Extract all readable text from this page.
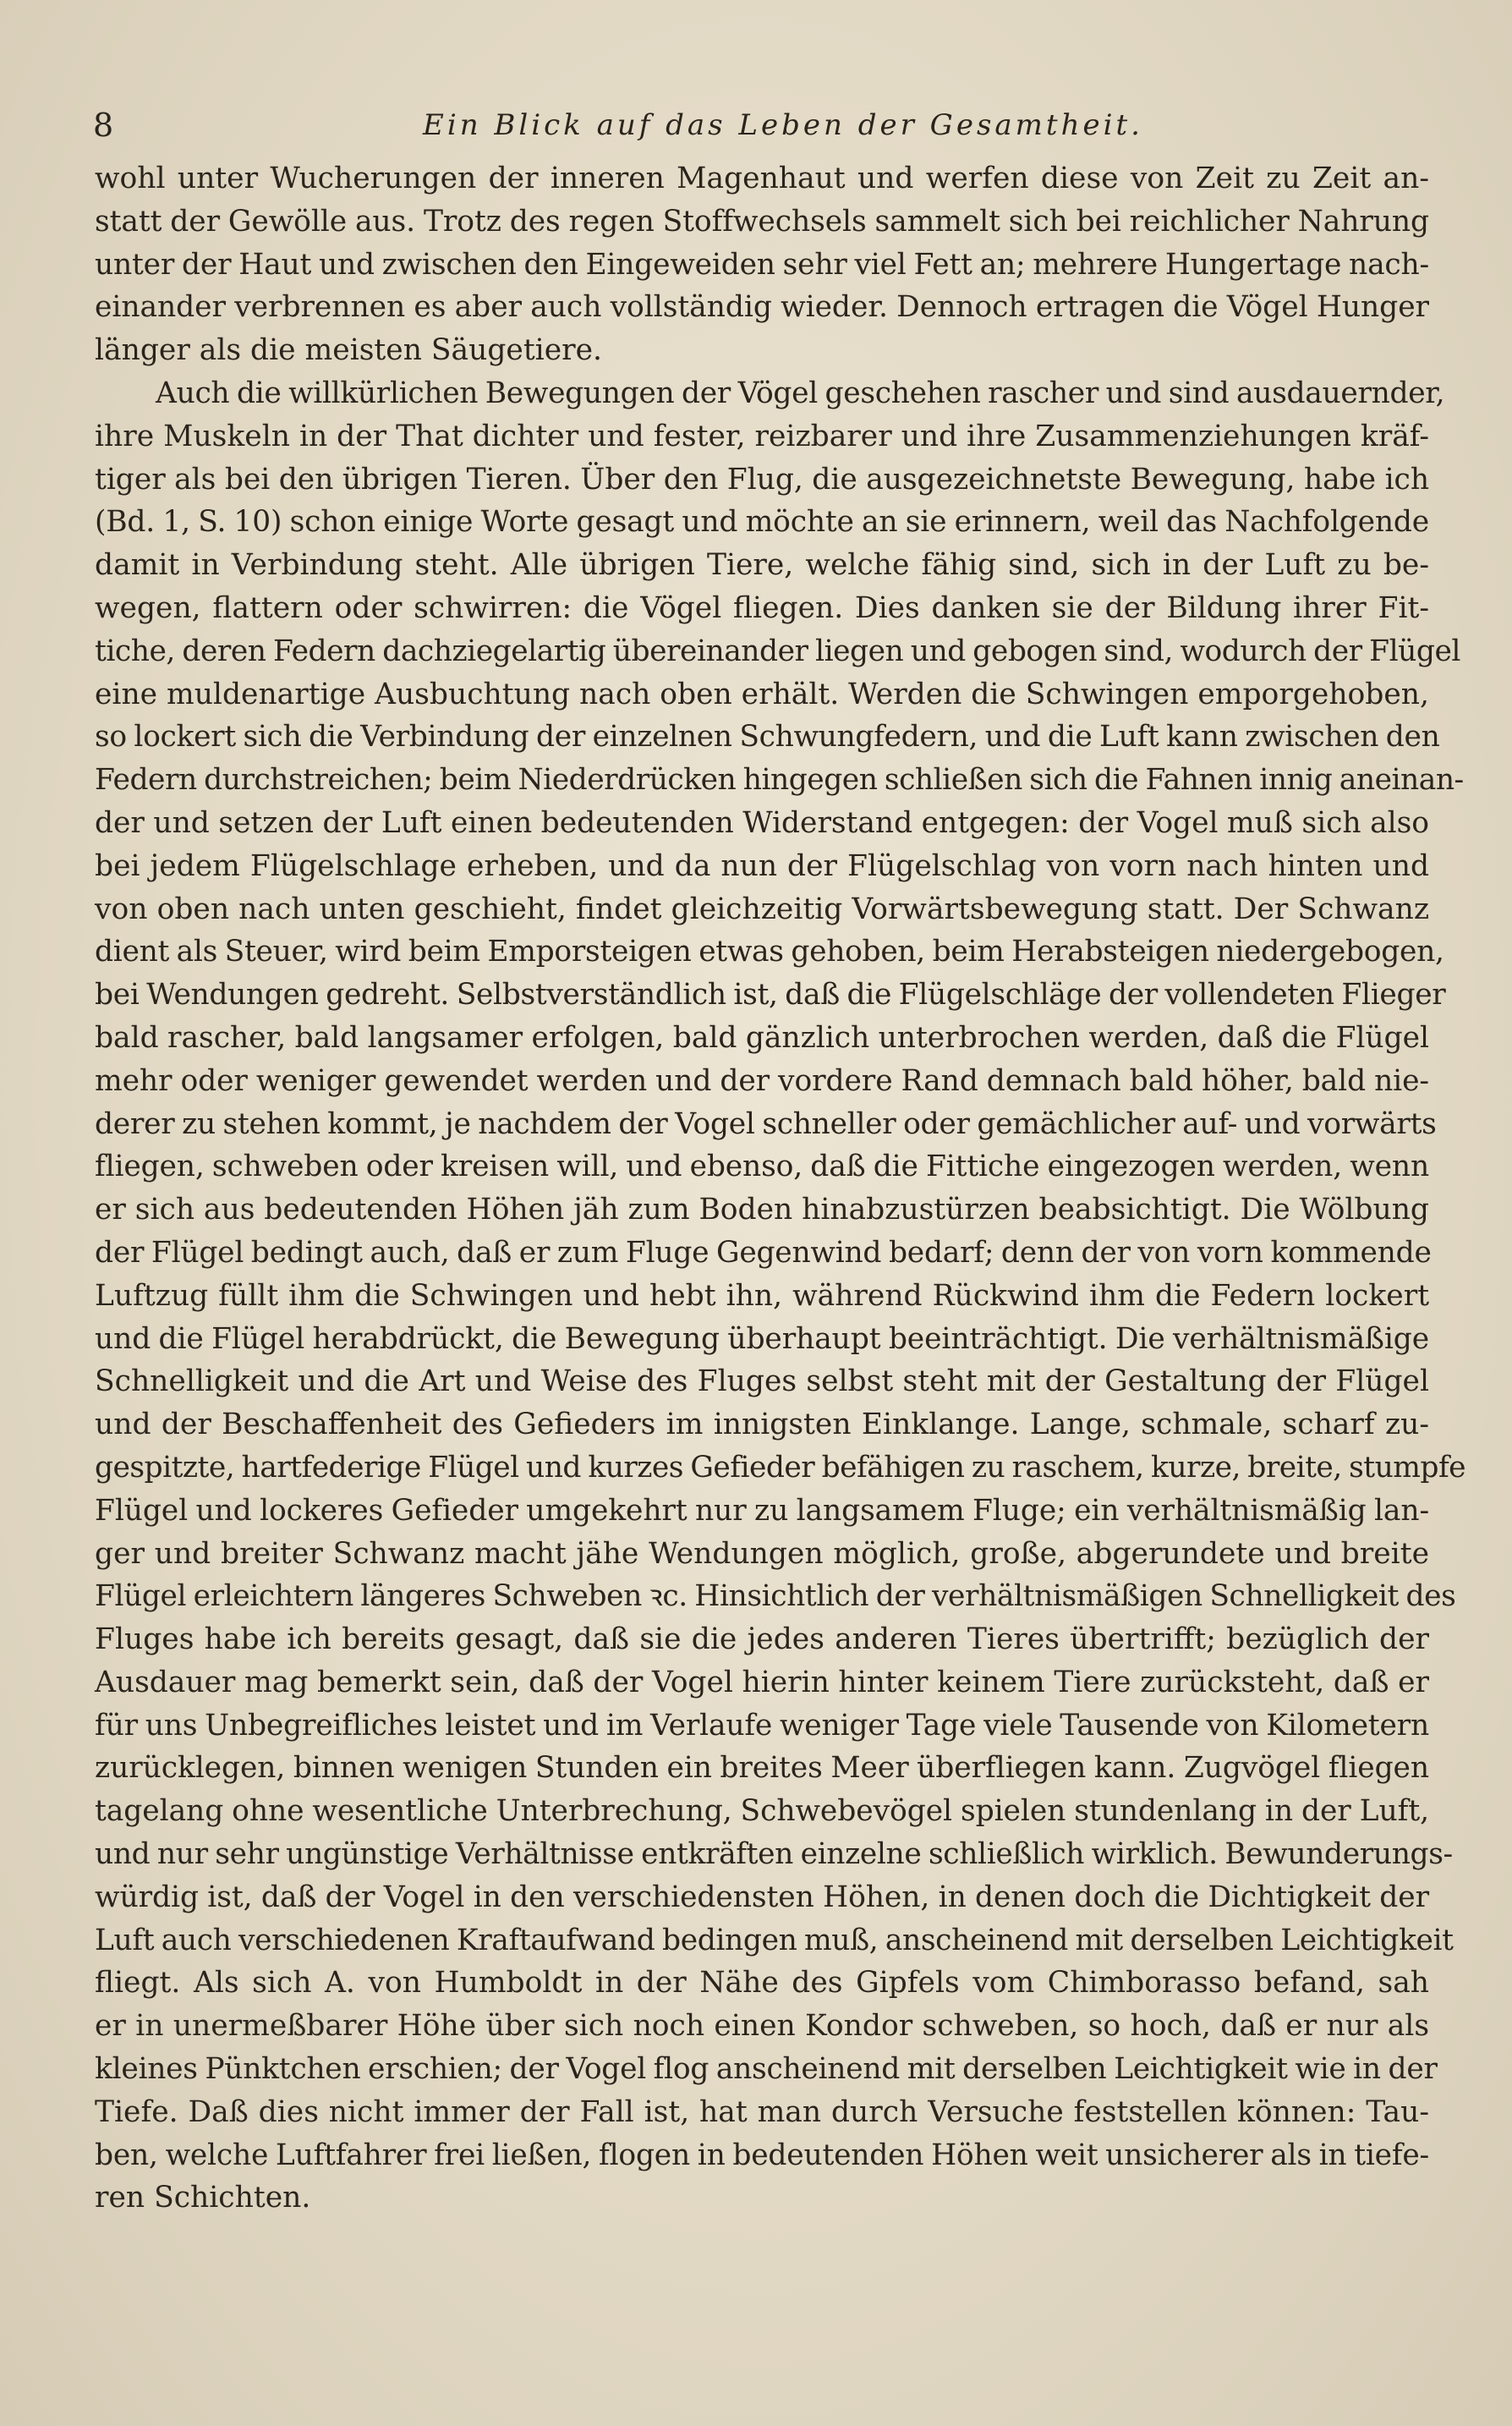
8	Ein Blick auf das Leben der Gesamtheit.

wohl unter Wucherungen der inneren Magenhaut und werfen diese von Zeit zu Zeit an-
statt der Gewölle aus. Trotz des regen Stoffwechsels sammelt sich bei reichlicher Nahrung
unter der Haut und zwischen den Eingeweiden sehr viel Fett an; mehrere Hungertage nach-
einander verbrennen es aber auch vollständig wieder. Dennoch ertragen die Vögel Hunger
länger als die meisten Säugetiere.

Auch die willkürlichen Bewegungen der Vögel geschehen rascher und sind ausdauernder,
ihre Muskeln in der That dichter und fester, reizbarer und ihre Zusammenziehungen kräf-
tiger als bei den übrigen Tieren. Über den Flug, die ausgezeichnetste Bewegung, habe ich
(Bd. 1, S. 10) schon einige Worte gesagt und möchte an sie erinnern, weil das Nachfolgende
damit in Verbindung steht. Alle übrigen Tiere, welche fähig sind, sich in der Luft zu be-
wegen, flattern oder schwirren: die Vögel fliegen. Dies danken sie der Bildung ihrer Fit-
tiche, deren Federn dachziegelartig übereinander liegen und gebogen sind, wodurch der Flügel
eine muldenartige Ausbuchtung nach oben erhält. Werden die Schwingen emporgehoben,
so lockert sich die Verbindung der einzelnen Schwungfedern, und die Luft kann zwischen den
Federn durchstreichen; beim Niederdrücken hingegen schließen sich die Fahnen innig aneinan-
der und setzen der Luft einen bedeutenden Widerstand entgegen: der Vogel muß sich also
bei jedem Flügelschlage erheben, und da nun der Flügelschlag von vorn nach hinten und
von oben nach unten geschieht, findet gleichzeitig Vorwärtsbewegung statt. Der Schwanz
dient als Steuer, wird beim Emporsteigen etwas gehoben, beim Herabsteigen niedergebogen,
bei Wendungen gedreht. Selbstverständlich ist, daß die Flügelschläge der vollendeten Flieger
bald rascher, bald langsamer erfolgen, bald gänzlich unterbrochen werden, daß die Flügel
mehr oder weniger gewendet werden und der vordere Rand demnach bald höher, bald nie-
derer zu stehen kommt, je nachdem der Vogel schneller oder gemächlicher auf- und vorwärts
fliegen, schweben oder kreisen will, und ebenso, daß die Fittiche eingezogen werden, wenn
er sich aus bedeutenden Höhen jäh zum Boden hinabzustürzen beabsichtigt. Die Wölbung
der Flügel bedingt auch, daß er zum Fluge Gegenwind bedarf; denn der von vorn kommende
Luftzug füllt ihm die Schwingen und hebt ihn, während Rückwind ihm die Federn lockert
und die Flügel herabdrückt, die Bewegung überhaupt beeinträchtigt. Die verhältnismäßige
Schnelligkeit und die Art und Weise des Fluges selbst steht mit der Gestaltung der Flügel
und der Beschaffenheit des Gefieders im innigsten Einklange. Lange, schmale, scharf zu-
gespitzte, hartfederige Flügel und kurzes Gefieder befähigen zu raschem, kurze, breite, stumpfe
Flügel und lockeres Gefieder umgekehrt nur zu langsamem Fluge; ein verhältnismäßig lan-
ger und breiter Schwanz macht jähe Wendungen möglich, große, abgerundete und breite
Flügel erleichtern längeres Schweben ꝛc. Hinsichtlich der verhältnismäßigen Schnelligkeit des
Fluges habe ich bereits gesagt, daß sie die jedes anderen Tieres übertrifft; bezüglich der
Ausdauer mag bemerkt sein, daß der Vogel hierin hinter keinem Tiere zurücksteht, daß er
für uns Unbegreifliches leistet und im Verlaufe weniger Tage viele Tausende von Kilometern
zurücklegen, binnen wenigen Stunden ein breites Meer überfliegen kann. Zugvögel fliegen
tagelang ohne wesentliche Unterbrechung, Schwebevögel spielen stundenlang in der Luft,
und nur sehr ungünstige Verhältnisse entkräften einzelne schließlich wirklich. Bewunderungs-
würdig ist, daß der Vogel in den verschiedensten Höhen, in denen doch die Dichtigkeit der
Luft auch verschiedenen Kraftaufwand bedingen muß, anscheinend mit derselben Leichtigkeit
fliegt. Als sich A. von Humboldt in der Nähe des Gipfels vom Chimborasso befand, sah
er in unermeßbarer Höhe über sich noch einen Kondor schweben, so hoch, daß er nur als
kleines Pünktchen erschien; der Vogel flog anscheinend mit derselben Leichtigkeit wie in der
Tiefe. Daß dies nicht immer der Fall ist, hat man durch Versuche feststellen können: Tau-
ben, welche Luftfahrer frei ließen, flogen in bedeutenden Höhen weit unsicherer als in tiefe-
ren Schichten.
